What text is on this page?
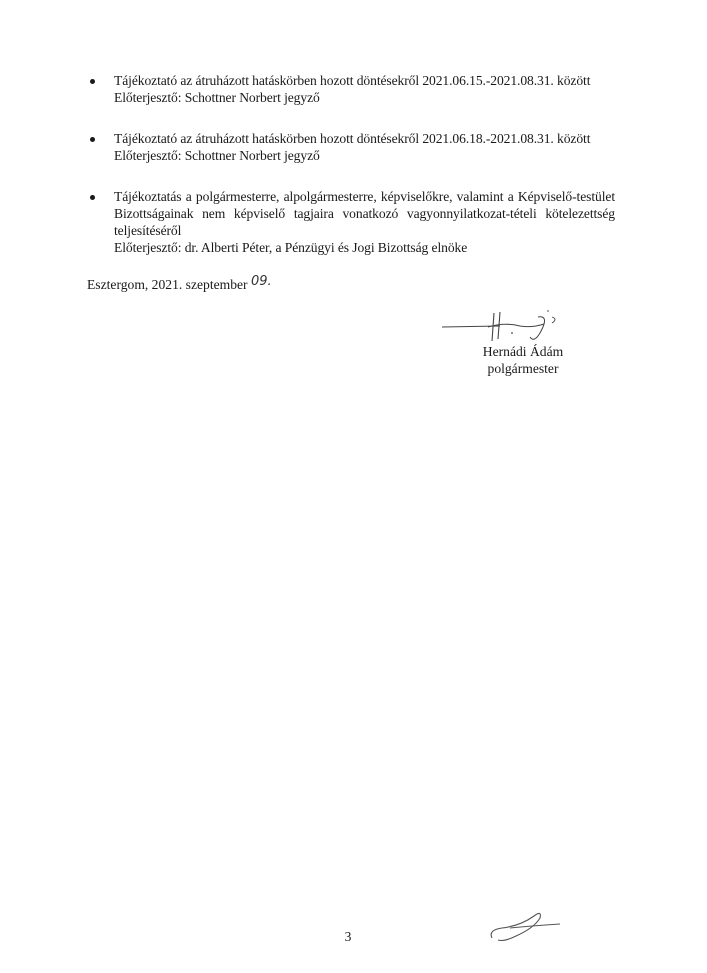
Tájékoztató az átruházott hatáskörben hozott döntésekről 2021.06.15.-2021.08.31. között
Előterjesztő: Schottner Norbert jegyző
Tájékoztató az átruházott hatáskörben hozott döntésekről 2021.06.18.-2021.08.31. között
Előterjesztő: Schottner Norbert jegyző
Tájékoztatás a polgármesterre, alpolgármesterre, képviselőkre, valamint a Képviselő-testület Bizottságainak nem képviselő tagjaira vonatkozó vagyonnyilatkozat-tételi kötelezettség teljesítéséről
Előterjesztő: dr. Alberti Péter, a Pénzügyi és Jogi Bizottság elnöke
Esztergom, 2021. szeptember 09.
Hernádi Ádám
polgármester
3
